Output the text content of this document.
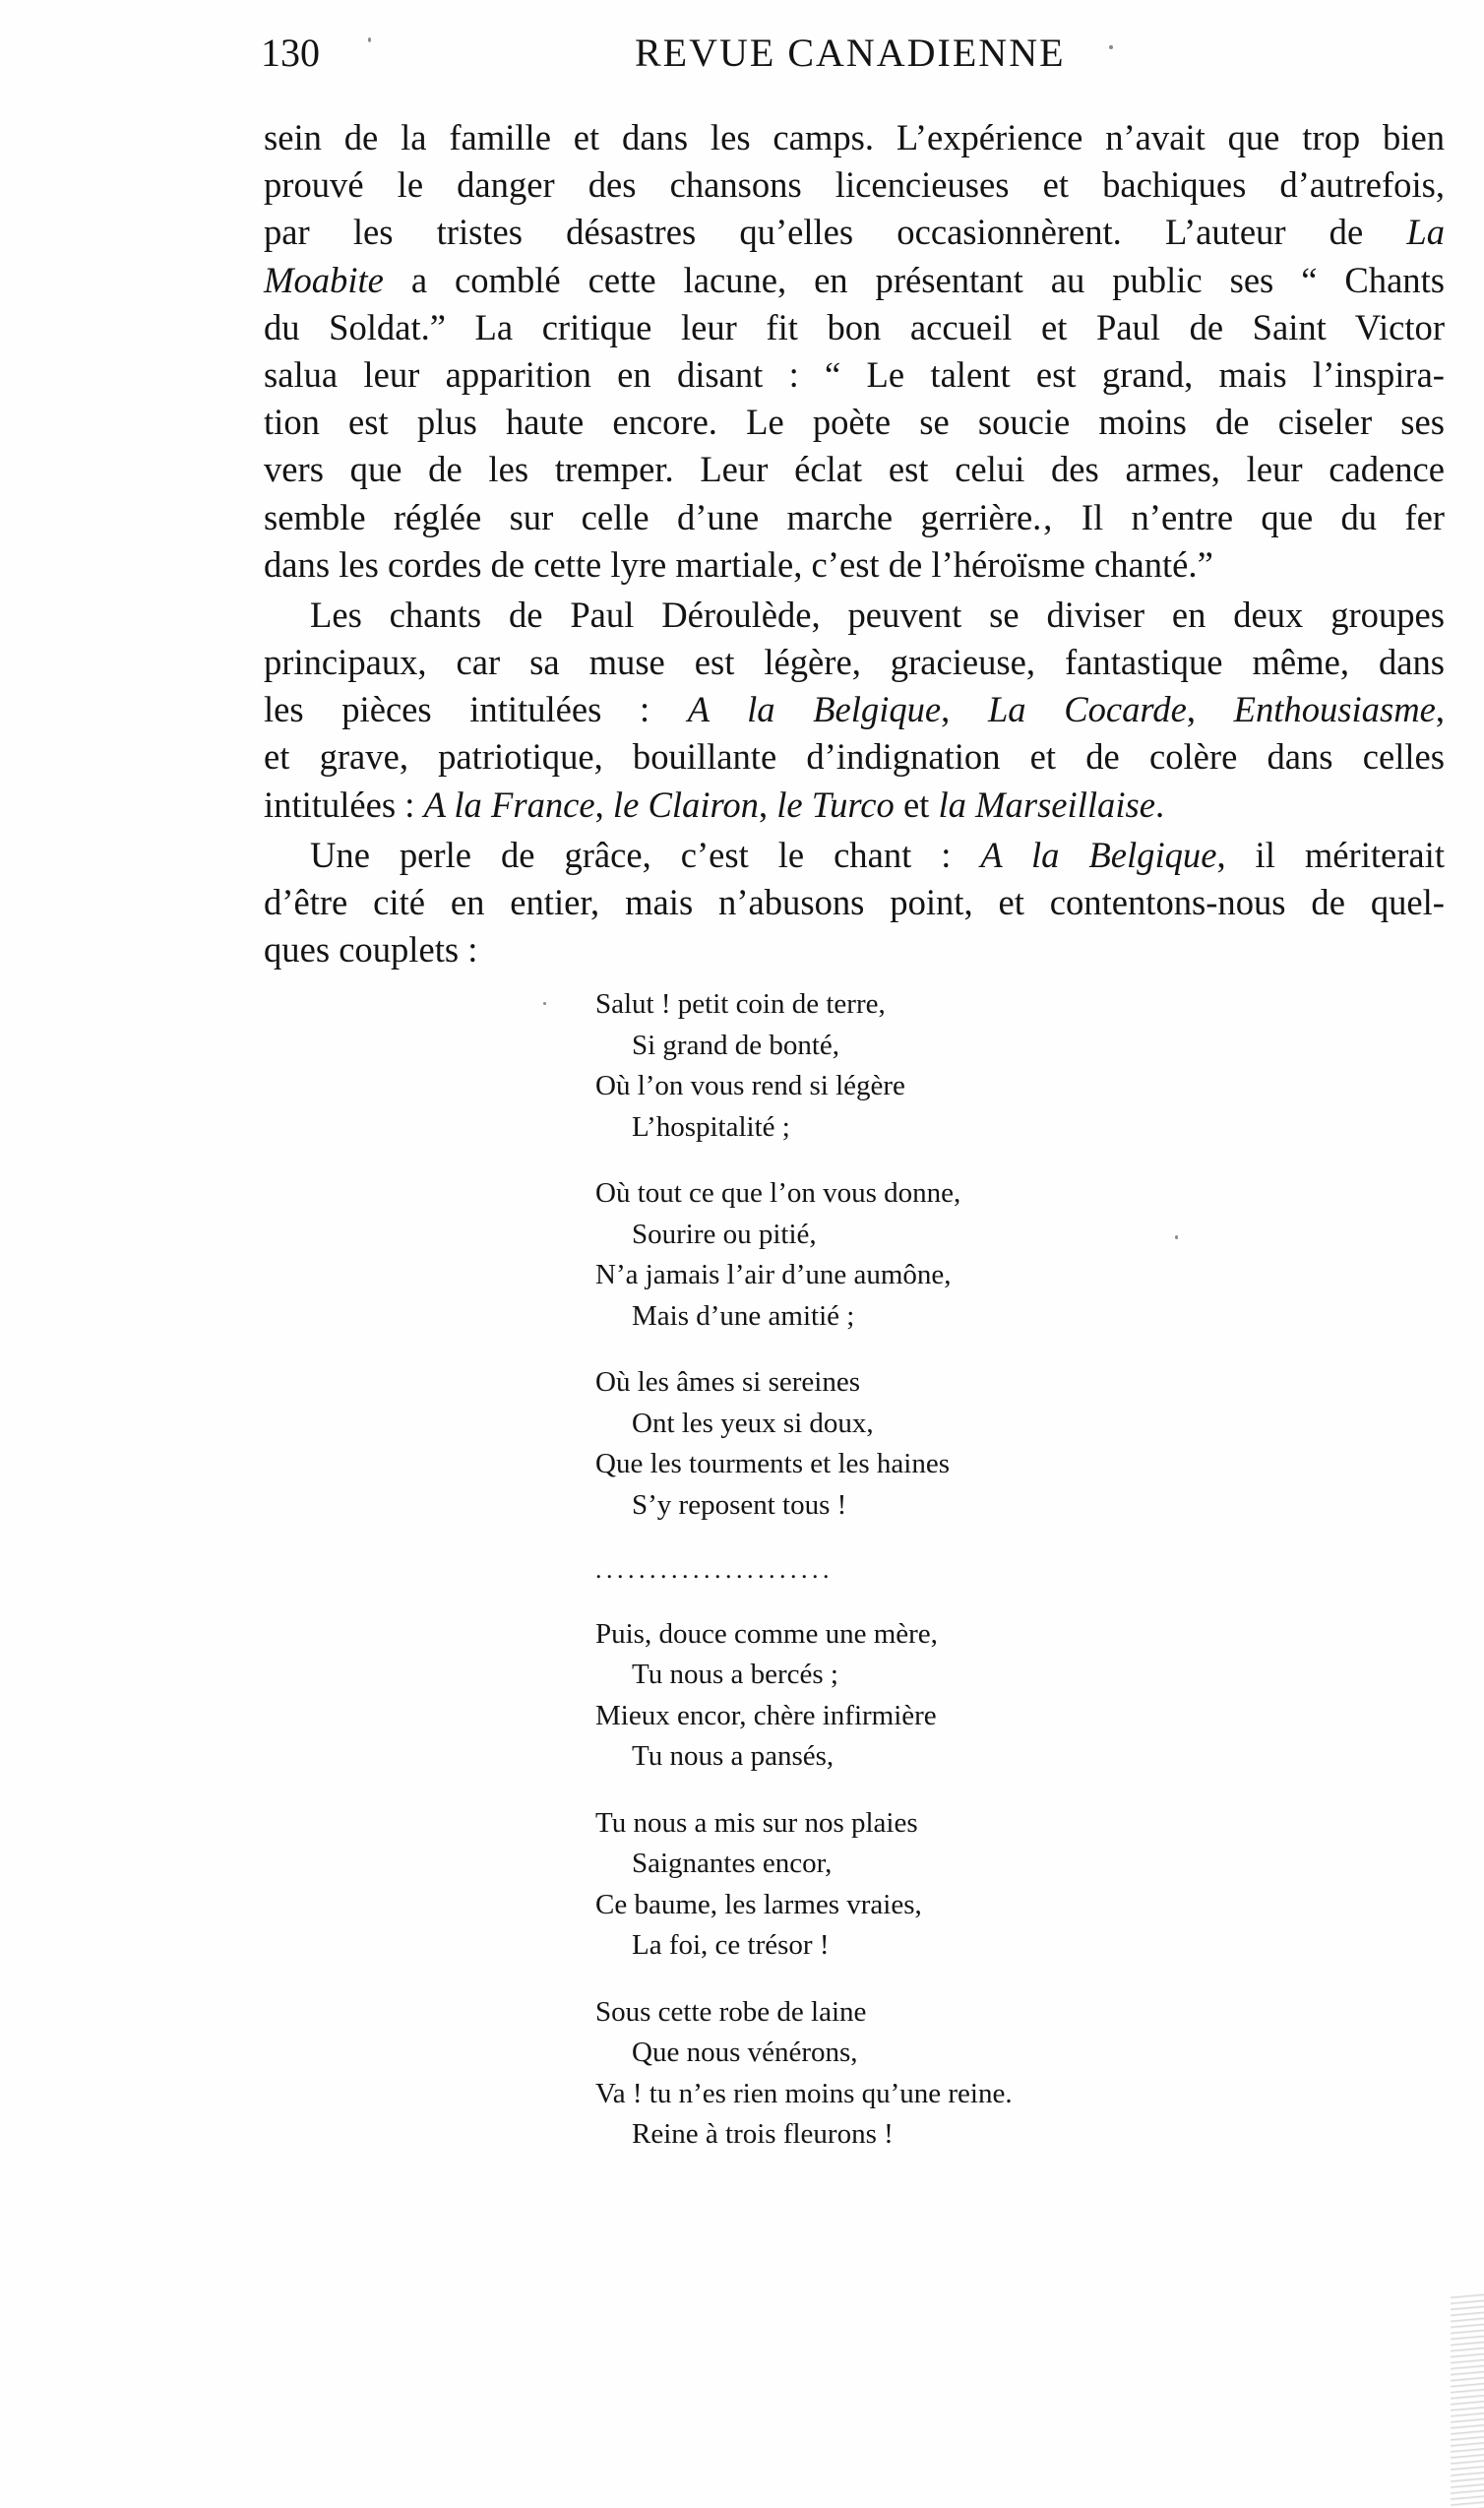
130	REVUE CANADIENNE
sein de la famille et dans les camps. L’expérience n’avait que trop bien
prouvé le danger des chansons licencieuses et bachiques d’autrefois,
par les tristes désastres qu’elles occasionnèrent. L’auteur de La
Moabite a comblé cette lacune, en présentant au public ses “ Chants
du Soldat.” La critique leur fit bon accueil et Paul de Saint Victor
salua leur apparition en disant : “ Le talent est grand, mais l’inspira-
tion est plus haute encore. Le poète se soucie moins de ciseler ses
vers que de les tremper. Leur éclat est celui des armes, leur cadence
semble réglée sur celle d’une marche gerrière.‚ Il n’entre que du fer
dans les cordes de cette lyre martiale, c’est de l’héroïsme chanté.”
Les chants de Paul Déroulède, peuvent se diviser en deux groupes
principaux, car sa muse est légère, gracieuse, fantastique même, dans
les pièces intitulées : A la Belgique, La Cocarde, Enthousiasme,
et grave, patriotique, bouillante d’indignation et de colère dans celles
intitulées : A la France, le Clairon, le Turco et la Marseillaise.
Une perle de grâce, c’est le chant : A la Belgique, il mériterait
d’être cité en entier, mais n’abusons point, et contentons-nous de quel-
ques couplets :
Salut ! petit coin de terre,
Si grand de bonté,
Où l’on vous rend si légère
L’hospitalité ;
Où tout ce que l’on vous donne,
Sourire ou pitié,
N’a jamais l’air d’une aumône,
Mais d’une amitié ;
Où les âmes si sereines
Ont les yeux si doux,
Que les tourments et les haines
S’y reposent tous !
......................
Puis, douce comme une mère,
Tu nous a bercés ;
Mieux encor, chère infirmière
Tu nous a pansés,
Tu nous a mis sur nos plaies
Saignantes encor,
Ce baume, les larmes vraies,
La foi, ce trésor !
Sous cette robe de laine
Que nous vénérons,
Va ! tu n’es rien moins qu’une reine.
Reine à trois fleurons !
